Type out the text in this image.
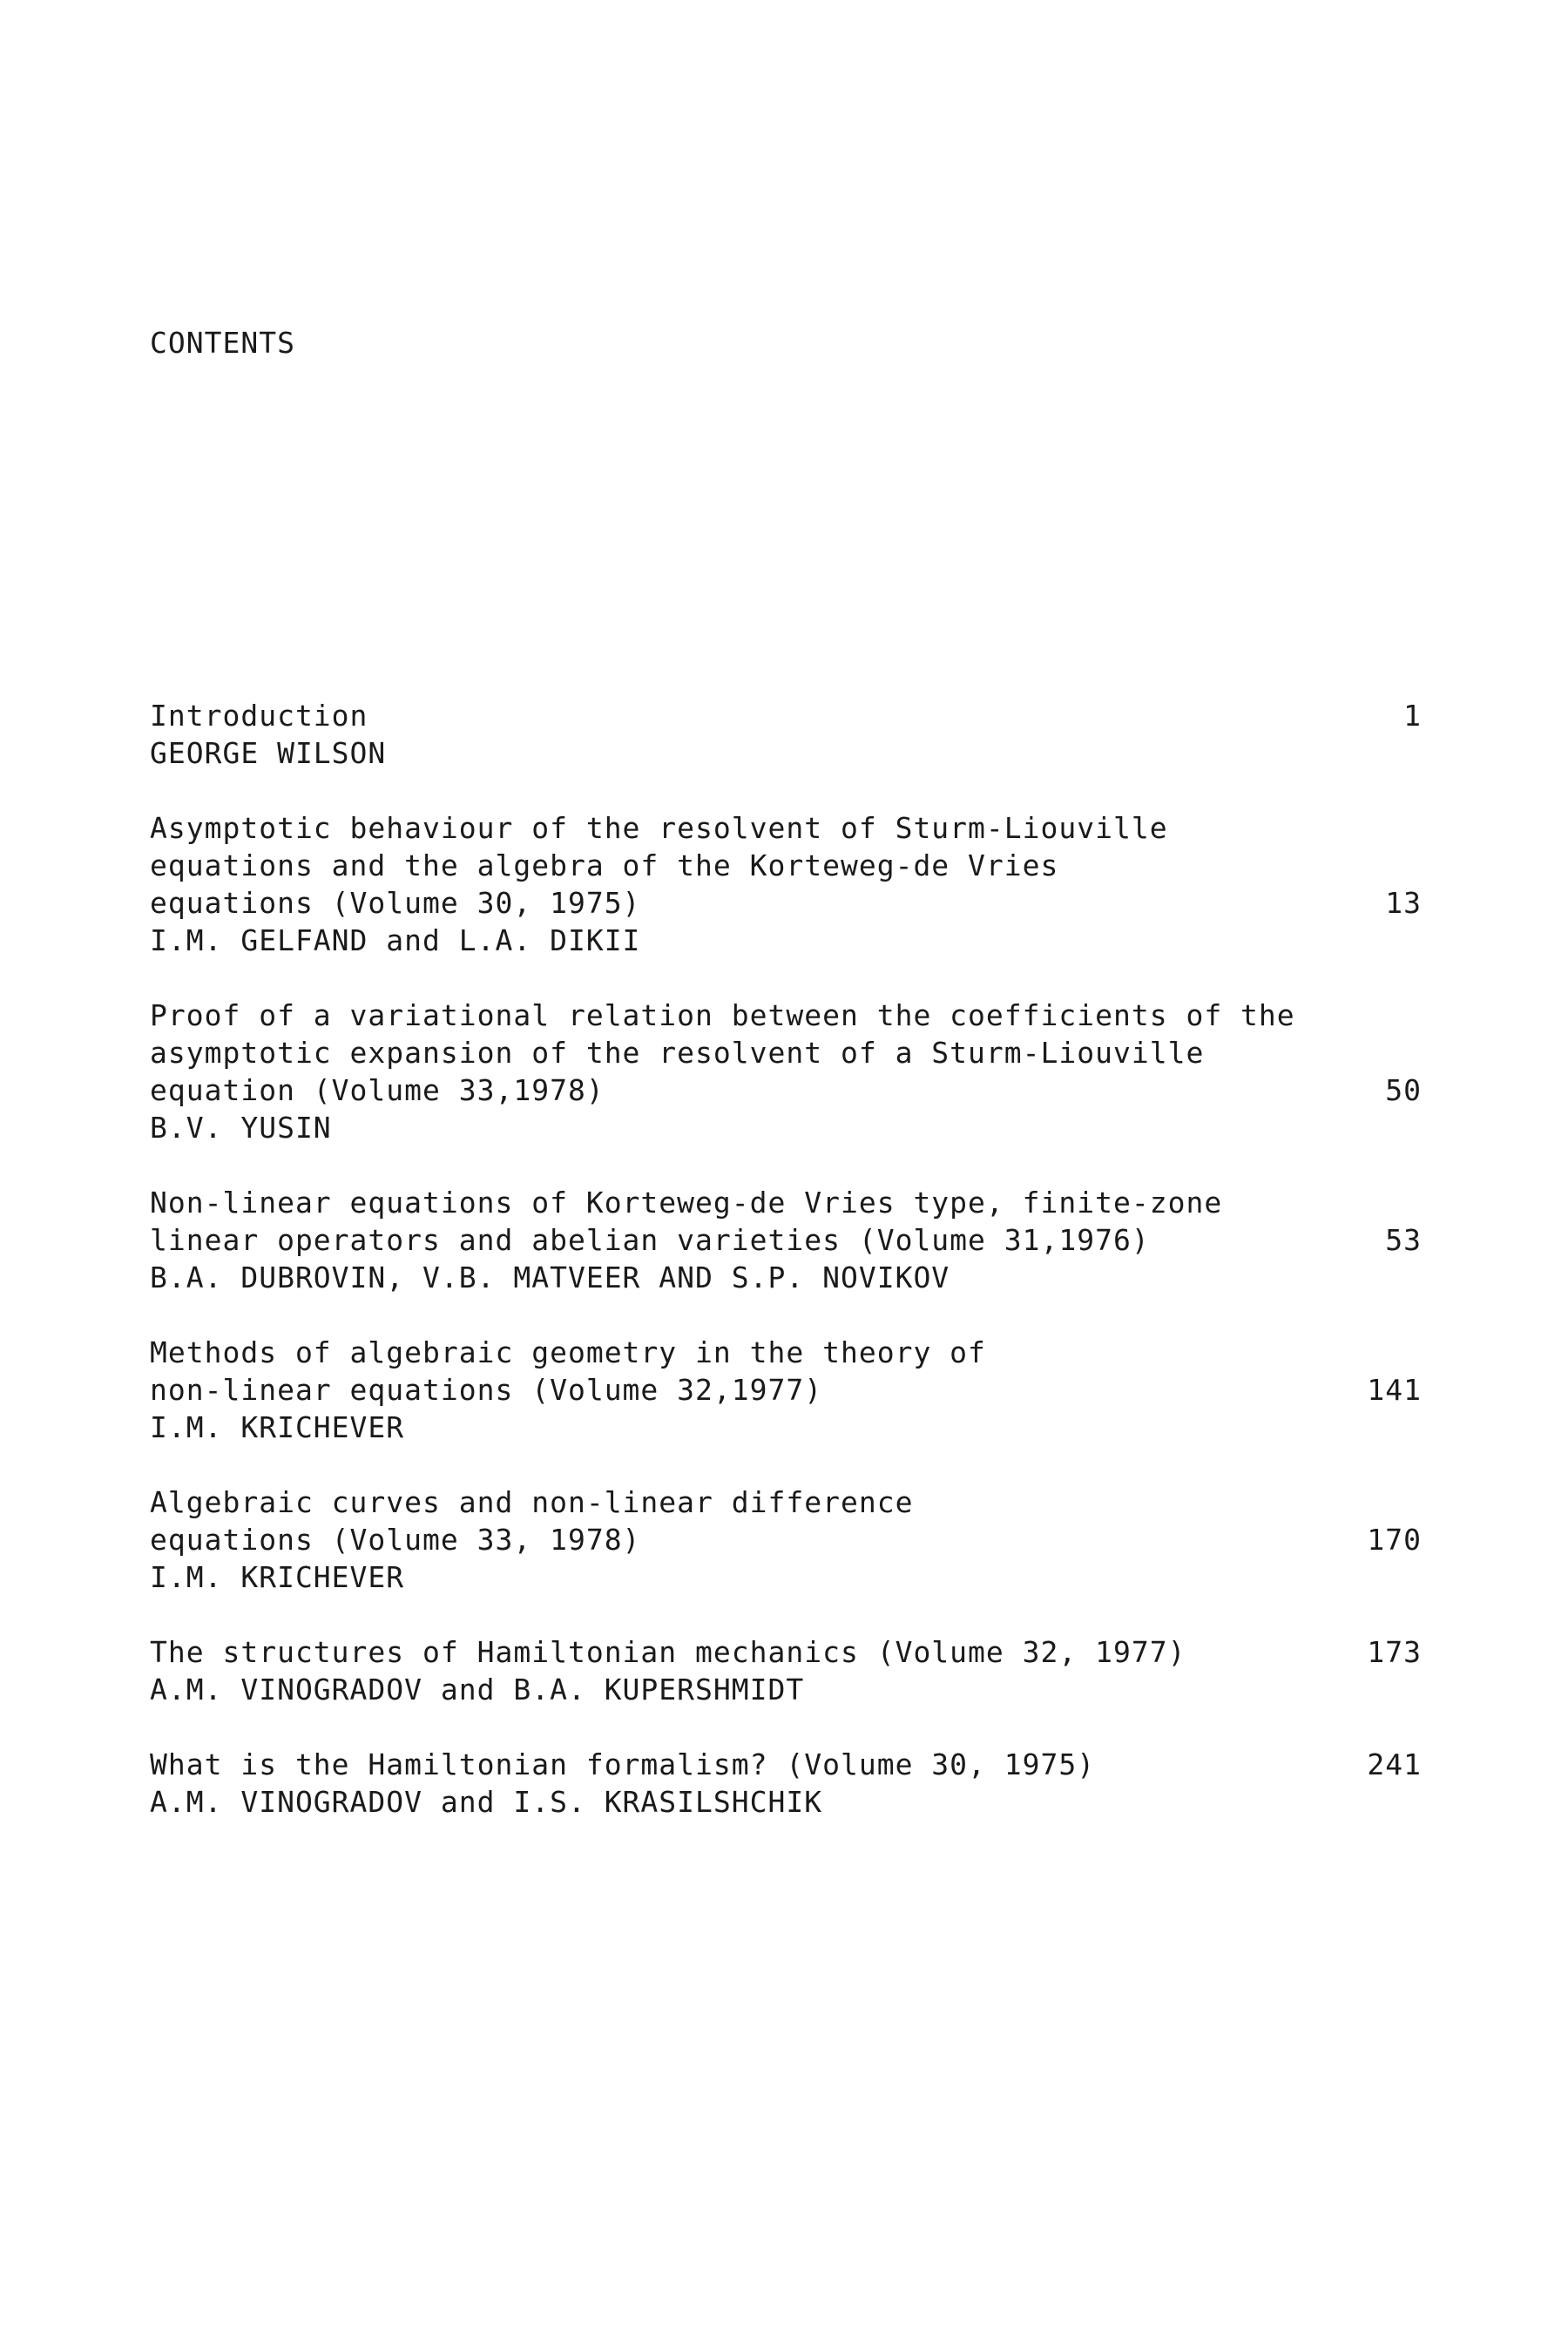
CONTENTS
Introduction	1
GEORGE WILSON
Asymptotic behaviour of the resolvent of Sturm-Liouville
equations and the algebra of the Korteweg-de Vries
equations (Volume 30, 1975)	13
I.M. GELFAND and L.A. DIKII
Proof of a variational relation between the coefficients of the
asymptotic expansion of the resolvent of a Sturm-Liouville
equation (Volume 33,1978)	50
B.V. YUSIN
Non-linear equations of Korteweg-de Vries type, finite-zone
linear operators and abelian varieties (Volume 31,1976)	53
B.A. DUBROVIN, V.B. MATVEER AND S.P. NOVIKOV
Methods of algebraic geometry in the theory of
non-linear equations (Volume 32,1977)	141
I.M. KRICHEVER
Algebraic curves and non-linear difference
equations (Volume 33, 1978)	170
I.M. KRICHEVER
The structures of Hamiltonian mechanics (Volume 32, 1977)	173
A.M. VINOGRADOV and B.A. KUPERSHMIDT
What is the Hamiltonian formalism? (Volume 30, 1975)	241
A.M. VINOGRADOV and I.S. KRASILSHCHIK
